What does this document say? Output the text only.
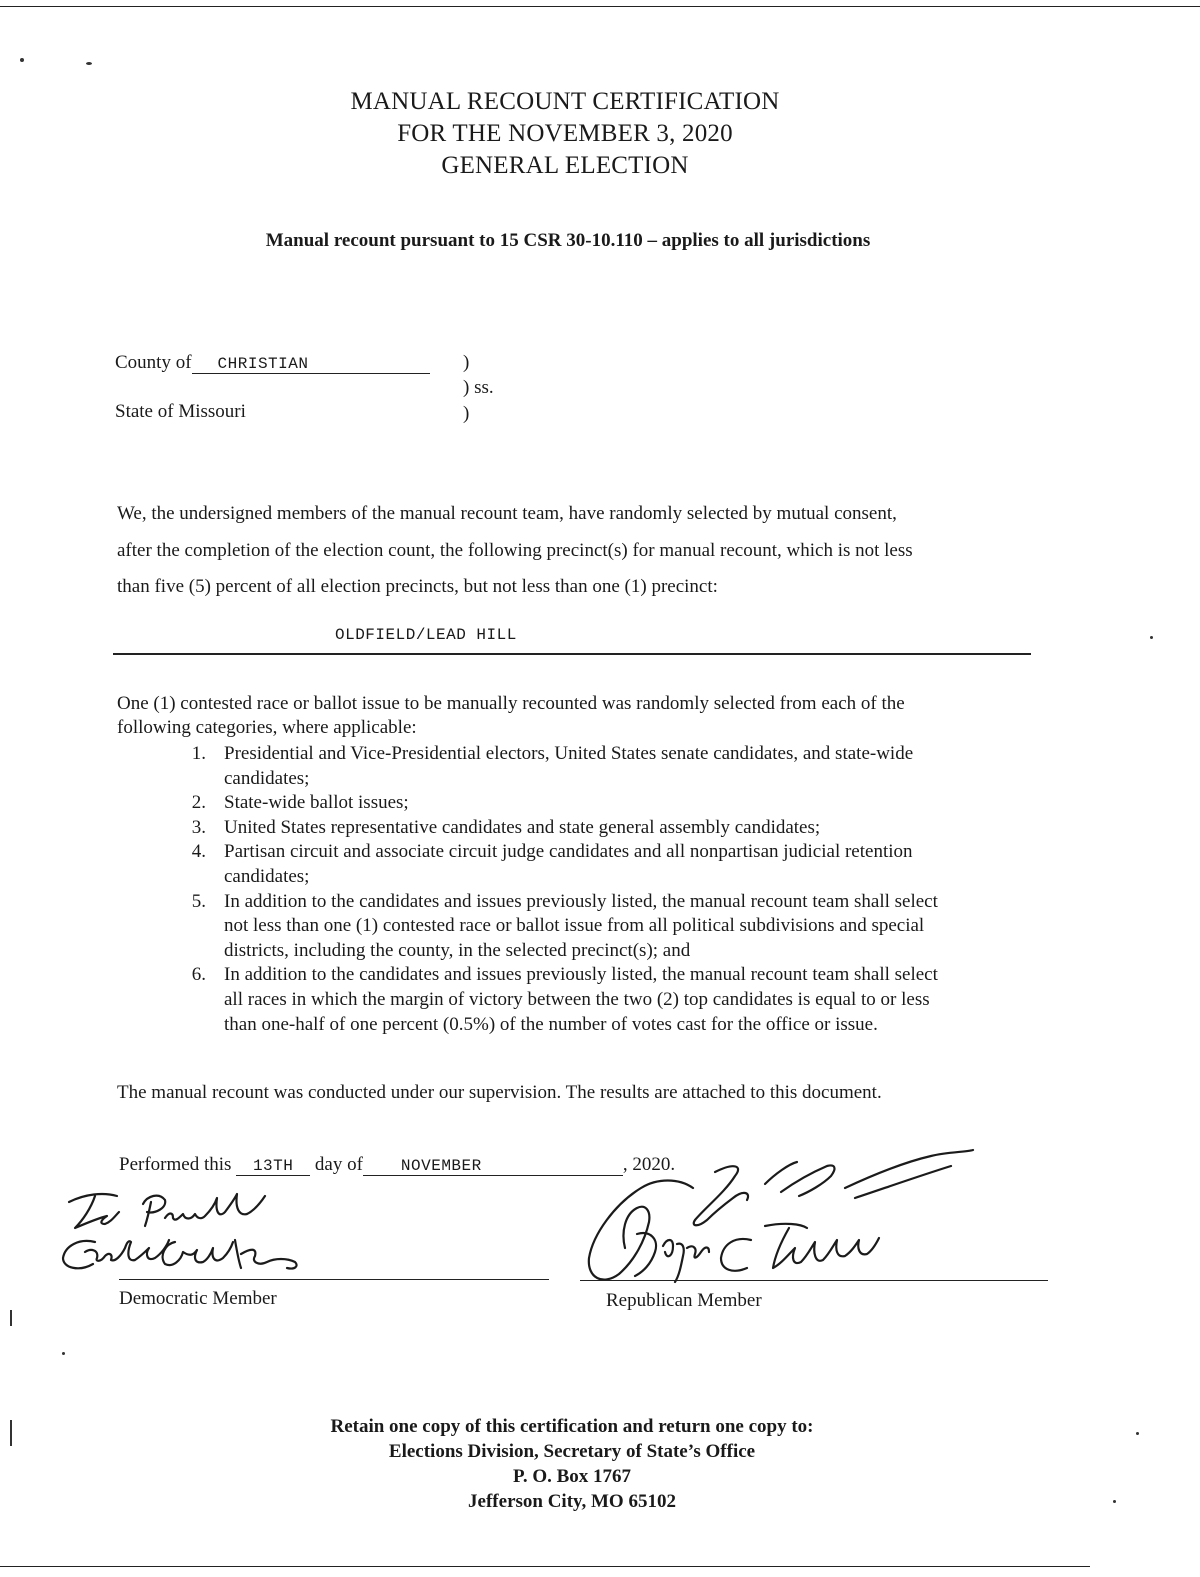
MANUAL RECOUNT CERTIFICATION
FOR THE NOVEMBER 3, 2020
GENERAL ELECTION
Manual recount pursuant to 15 CSR 30-10.110 – applies to all jurisdictions
County of CHRISTIAN	)
) ss.
State of Missouri	)
We, the undersigned members of the manual recount team, have randomly selected by mutual consent,
after the completion of the election count, the following precinct(s) for manual recount, which is not less
than five (5) percent of all election precincts, but not less than one (1) precinct:
OLDFIELD/LEAD HILL
One (1) contested race or ballot issue to be manually recounted was randomly selected from each of the
following categories, where applicable:
1. Presidential and Vice-Presidential electors, United States senate candidates, and state-wide
candidates;
2. State-wide ballot issues;
3. United States representative candidates and state general assembly candidates;
4. Partisan circuit and associate circuit judge candidates and all nonpartisan judicial retention
candidates;
5. In addition to the candidates and issues previously listed, the manual recount team shall select
not less than one (1) contested race or ballot issue from all political subdivisions and special
districts, including the county, in the selected precinct(s); and
6. In addition to the candidates and issues previously listed, the manual recount team shall select
all races in which the margin of victory between the two (2) top candidates is equal to or less
than one-half of one percent (0.5%) of the number of votes cast for the office or issue.
The manual recount was conducted under our supervision. The results are attached to this document.
Performed this 13TH day of NOVEMBER	, 2020.
Democratic Member	Republican Member
Retain one copy of this certification and return one copy to:
Elections Division, Secretary of State’s Office
P. O. Box 1767
Jefferson City, MO 65102
